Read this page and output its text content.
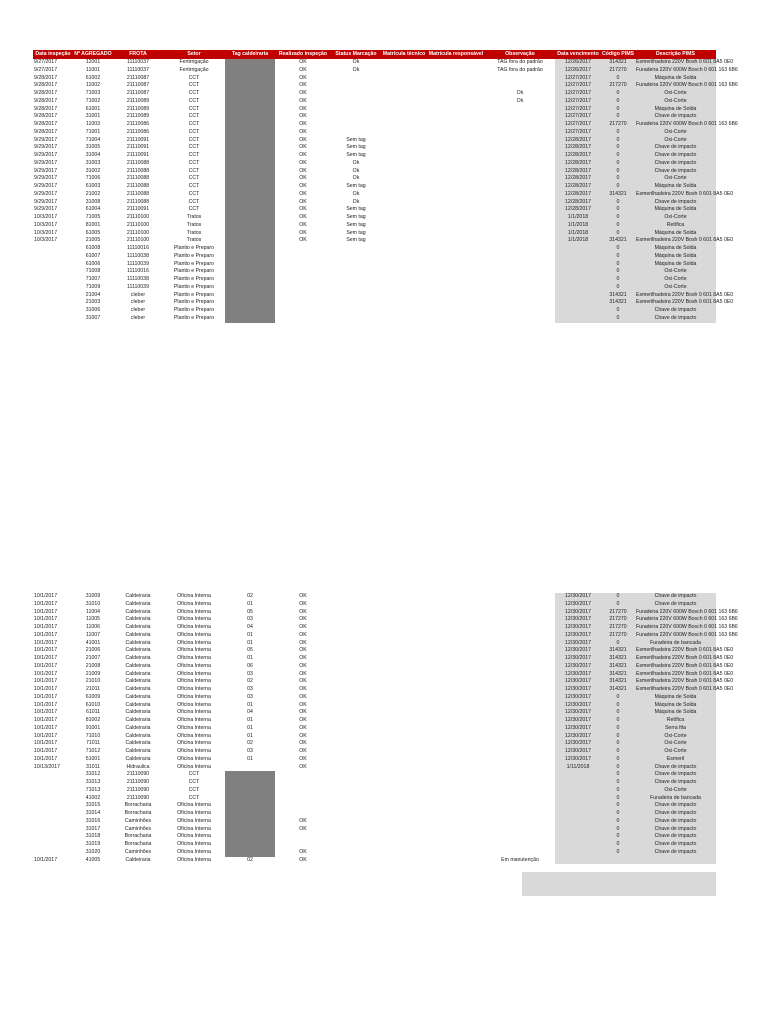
Data inspeção	Nº AGREGADO	FROTA	Setor	Tag caldeiraria	Realizado inspeção	Status Marcação	Matrícula técnico	Matrícula responsável	Observação	Data vencimento	Código PIMS	Descrição PIMS
9/27/2017	12001	11110037	Fertirrigação		OK	Ok			TAG fora do padrão	12/26/2017	314321	Esmerilhadeira 220V Bosh 0 601 8A5 0E0
9/27/2017	11001	11110037	Fertirrigação		OK	Ok			TAG fora do padrão	12/26/2017	217270	Furadeira 220V 600W Bosch 0 601 163 6B6
9/28/2017	61002	21110087	CCT		OK					12/27/2017	0	Máquina de Solda
9/28/2017	11002	21110087	CCT		OK					12/27/2017	217270	Furadeira 220V 600W Bosch 0 601 163 6B6
9/28/2017	71003	21110087	CCT		OK				Ok	12/27/2017	0	Oxi-Corte
9/28/2017	71002	21110089	CCT		OK				Ok	12/27/2017	0	Oxi-Corte
9/28/2017	61001	21110089	CCT		OK					12/27/2017	0	Máquina de Solda
9/28/2017	31001	21110089	CCT		OK					12/27/2017	0	Chave de impacto
9/28/2017	11003	21110086	CCT		OK					12/27/2017	217270	Furadeira 220V 600W Bosch 0 601 163 6B6
9/28/2017	71001	21110086	CCT		OK					12/27/2017	0	Oxi-Corte
9/29/2017	71004	21110091	CCT		OK	Sem tag				12/28/2017	0	Oxi-Corte
9/29/2017	31005	21110091	CCT		OK	Sem tag				12/28/2017	0	Chave de impacto
9/29/2017	31004	21110091	CCT		OK	Sem tag				12/28/2017	0	Chave de impacto
9/29/2017	31003	21110088	CCT		OK	Ok				12/28/2017	0	Chave de impacto
9/29/2017	31002	21110088	CCT		OK	Ok				12/28/2017	0	Chave de impacto
9/29/2017	71006	21110088	CCT		OK	Ok				12/28/2017	0	Oxi-Corte
9/29/2017	61003	21110088	CCT		OK	Sem tag				12/28/2017	0	Máquina de Solda
9/29/2017	21002	21110088	CCT		OK	Ok				12/28/2017	314321	Esmerilhadeira 220V Bosh 0 601 8A5 0E0
9/29/2017	31008	21110088	CCT		OK	Ok				12/28/2017	0	Chave de impacto
9/29/2017	61004	21110091	CCT		OK	Sem tag				12/28/2017	0	Máquina de Solda
10/3/2017	71005	21110100	Tratos		OK	Sem tag				1/1/2018	0	Oxi-Corte
10/3/2017	81001	21110100	Tratos		OK	Sem tag				1/1/2018	0	Retífica
10/3/2017	61005	21110100	Tratos		OK	Sem tag				1/1/2018	0	Máquina de Solda
10/3/2017	21005	21110100	Tratos		OK	Sem tag				1/1/2018	314321	Esmerilhadeira 220V Bosh 0 601 8A5 0E0
	61008	11110016	Plantio e Preparo								0	Máquina de Solda
	61007	11110038	Plantio e Preparo								0	Máquina de Solda
	61006	11110039	Plantio e Preparo								0	Máquina de Solda
	71008	11110016	Plantio e Preparo								0	Oxi-Corte
	71007	11110038	Plantio e Preparo								0	Oxi-Corte
	71009	11110039	Plantio e Preparo								0	Oxi-Corte
	21004	cleber	Plantio e Preparo								314321	Esmerilhadeira 220V Bosh 0 601 8A5 0E0
	21003	cleber	Plantio e Preparo								314321	Esmerilhadeira 220V Bosh 0 601 8A5 0E0
	31006	cleber	Plantio e Preparo								0	Chave de impacto
	31007	cleber	Plantio e Preparo								0	Chave de impacto
10/1/2017	31009	Caldeiraria	Oficina Interna	02	OK					12/30/2017	0	Chave de impacto
10/1/2017	31010	Caldeiraria	Oficina Interna	01	OK					12/30/2017	0	Chave de impacto
10/1/2017	11004	Caldeiraria	Oficina Interna	05	OK					12/30/2017	217270	Furadeira 220V 600W Bosch 0 601 163 6B6
10/1/2017	11005	Caldeiraria	Oficina Interna	03	OK					12/30/2017	217270	Furadeira 220V 600W Bosch 0 601 163 6B6
10/1/2017	11006	Caldeiraria	Oficina Interna	04	OK					12/30/2017	217270	Furadeira 220V 600W Bosch 0 601 163 6B6
10/1/2017	11007	Caldeiraria	Oficina Interna	01	OK					12/30/2017	217270	Furadeira 220V 600W Bosch 0 601 163 6B6
10/1/2017	41001	Caldeiraria	Oficina Interna	01	OK					12/30/2017	0	Furadeira de bancada
10/1/2017	21006	Caldeiraria	Oficina Interna	05	OK					12/30/2017	314321	Esmerilhadeira 220V Bosh 0 601 8A5 0E0
10/1/2017	21007	Caldeiraria	Oficina Interna	01	OK					12/30/2017	314321	Esmerilhadeira 220V Bosh 0 601 8A5 0E0
10/1/2017	21008	Caldeiraria	Oficina Interna	06	OK					12/30/2017	314321	Esmerilhadeira 220V Bosh 0 601 8A5 0E0
10/1/2017	21009	Caldeiraria	Oficina Interna	03	OK					12/30/2017	314321	Esmerilhadeira 220V Bosh 0 601 8A5 0E0
10/1/2017	21010	Caldeiraria	Oficina Interna	02	OK					12/30/2017	314321	Esmerilhadeira 220V Bosh 0 601 8A5 0E0
10/1/2017	21011	Caldeiraria	Oficina Interna	03	OK					12/30/2017	314321	Esmerilhadeira 220V Bosh 0 601 8A5 0E0
10/1/2017	61009	Caldeiraria	Oficina Interna	03	OK					12/30/2017	0	Máquina de Solda
10/1/2017	61010	Caldeiraria	Oficina Interna	01	OK					12/30/2017	0	Máquina de Solda
10/1/2017	61011	Caldeiraria	Oficina Interna	04	OK					12/30/2017	0	Máquina de Solda
10/1/2017	81002	Caldeiraria	Oficina Interna	01	OK					12/30/2017	0	Retífica
10/1/2017	91001	Caldeiraria	Oficina Interna	01	OK					12/30/2017	0	Serra fita
10/1/2017	71010	Caldeiraria	Oficina Interna	01	OK					12/30/2017	0	Oxi-Corte
10/1/2017	71011	Caldeiraria	Oficina Interna	02	OK					12/30/2017	0	Oxi-Corte
10/1/2017	71012	Caldeiraria	Oficina Interna	03	OK					12/30/2017	0	Oxi-Corte
10/1/2017	51001	Caldeiraria	Oficina Interna	01	OK					12/30/2017	0	Esmeril
10/13/2017	31011	Hidraulica	Oficina Interna		OK					1/11/2018	0	Chave de impacto
	31012	21110090	CCT								0	Chave de impacto
	31013	21110090	CCT								0	Chave de impacto
	71013	21110090	CCT								0	Oxi-Corte
	41002	21110090	CCT								0	Furadeira de bancada
	31015	Borracharia	Oficina Interna								0	Chave de impacto
	31014	Borracharia	Oficina Interna								0	Chave de impacto
	31016	Caminhões	Oficina Interna		OK						0	Chave de impacto
	31017	Caminhões	Oficina Interna		OK						0	Chave de impacto
	31018	Borracharia	Oficina Interna								0	Chave de impacto
	31019	Borracharia	Oficina Interna								0	Chave de impacto
	31020	Caminhões	Oficina Interna		OK						0	Chave de impacto
10/1/2017	41005	Caldeiraria	Oficina Interna	02	OK				Em manutenção			
